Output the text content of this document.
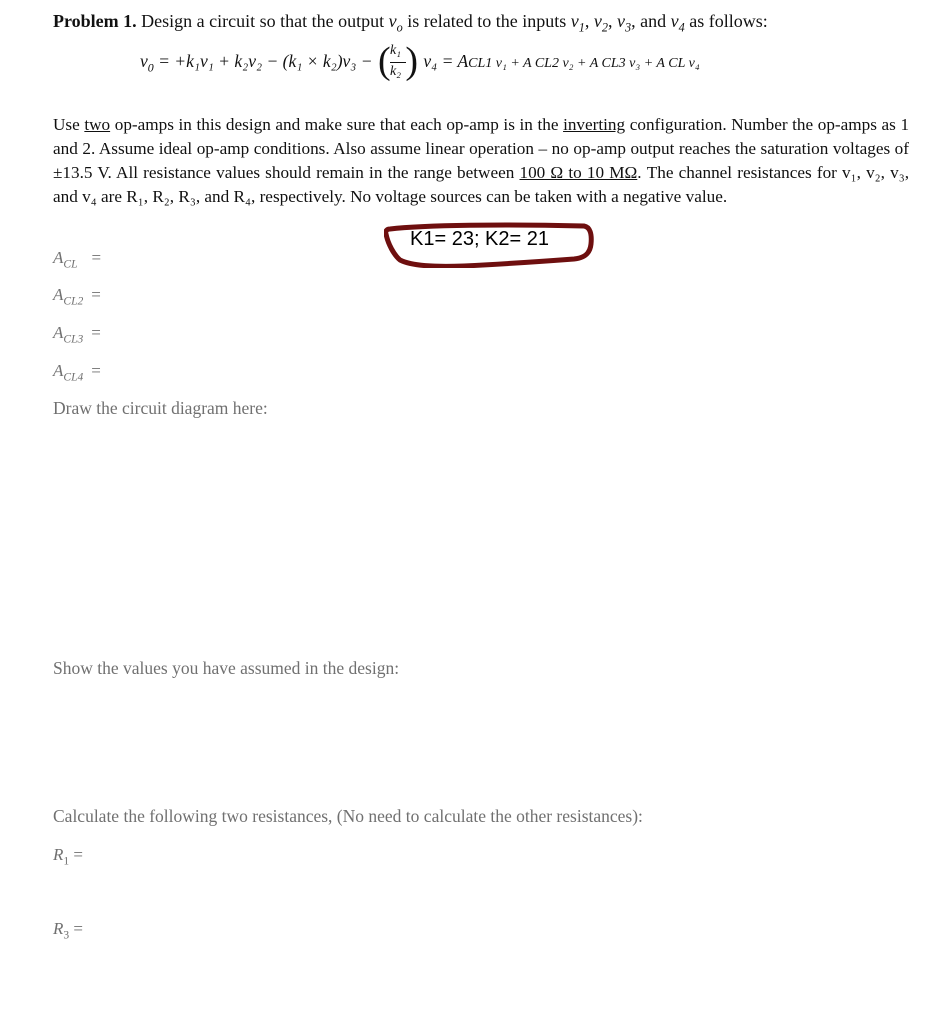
Problem 1. Design a circuit so that the output $v_o$ is related to the inputs $v_1$, $v_2$, $v_3$, and $v_4$ as follows:
$v_0 = +k_1v_1 + k_2v_2 - (k_1 \times k_2)v_3$ − ( k₁
k₂ ) v₄ = ACL1 v₁ + A CL2 v₂ + A CL3 v₃ + A CL v₄
Use two op-amps in this design and make sure that each op-amp is in the inverting configuration. Number the op-amps as 1 and 2. Assume ideal op-amp conditions. Also assume linear operation – no op-amp output reaches the saturation voltages of ±13.5 V. All resistance values should remain in the range between 100 Ω to 10 MΩ. The channel resistances for v₁, v₂, v₃, and v₄ are R₁, R₂, R₃, and R₄, respectively. No voltage sources can be taken with a negative value.
K1= 23; K2= 21
$A_{CL}$ =
$A_{CL2}$ =
$A_{CL3}$ =
$A_{CL4}$ =
Draw the circuit diagram here:
Show the values you have assumed in the design:
Calculate the following two resistances, (No need to calculate the other resistances):
$R_1$ =
$R_3$ =
